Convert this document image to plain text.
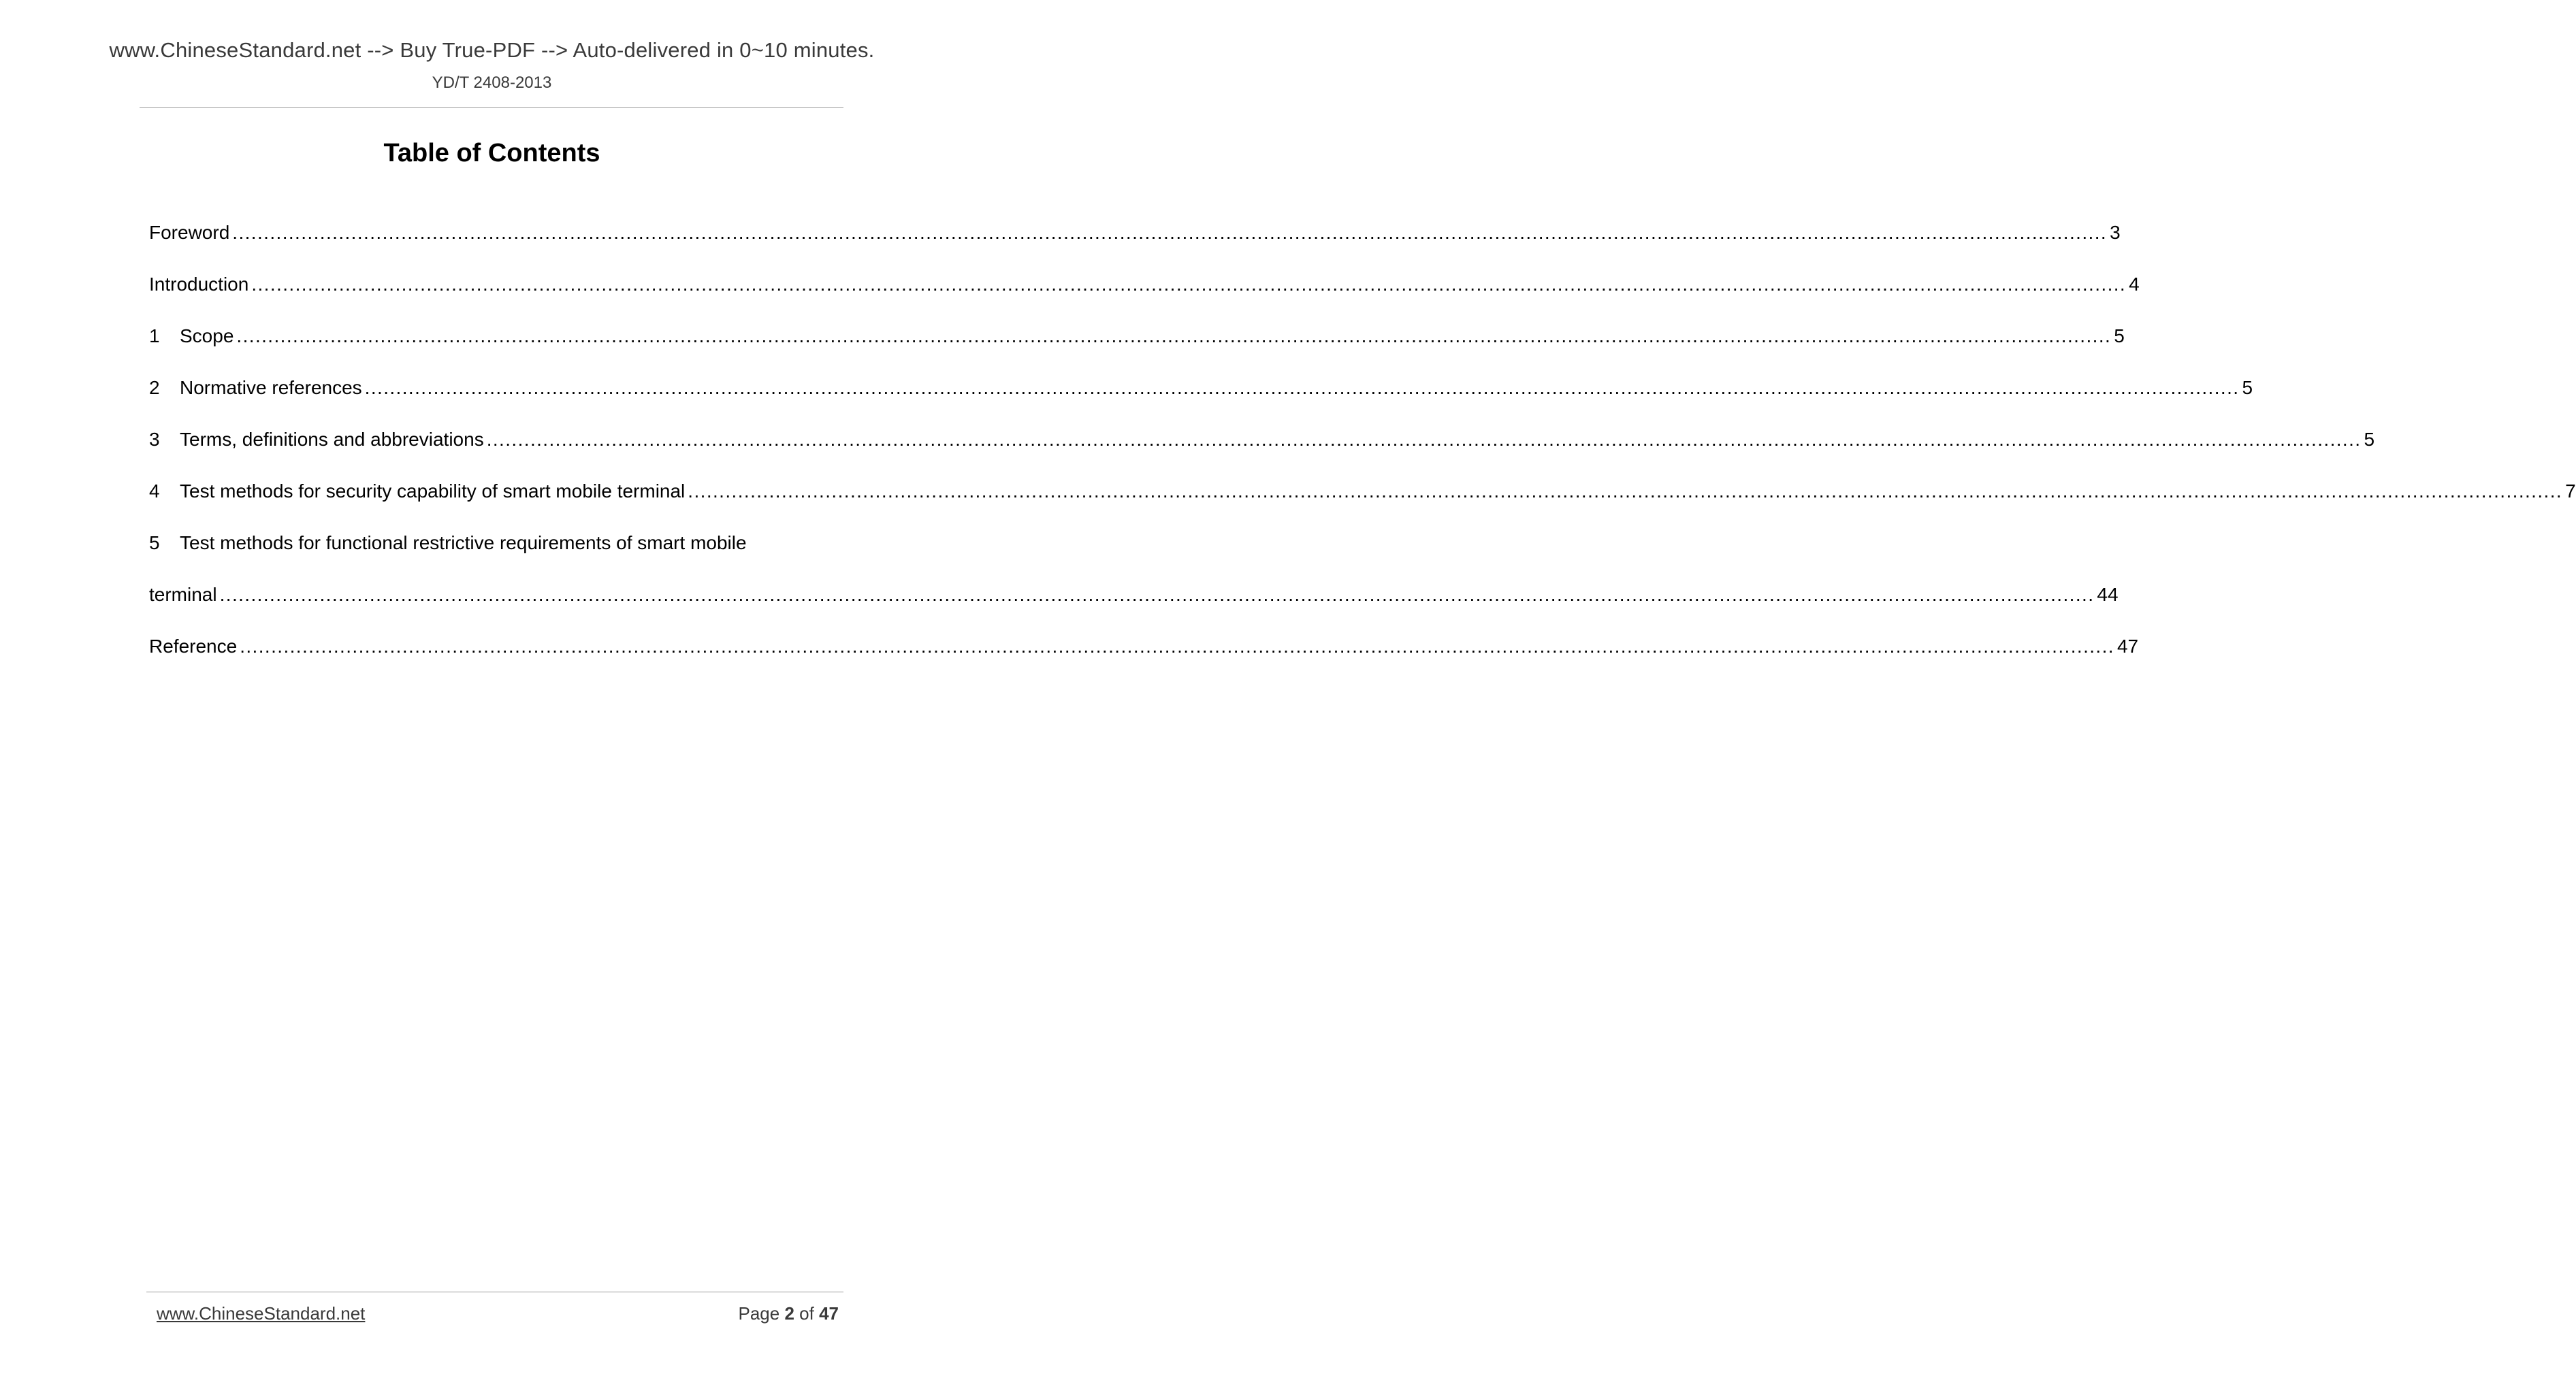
www.ChineseStandard.net --> Buy True-PDF --> Auto-delivered in 0~10 minutes.
YD/T 2408-2013
Table of Contents
Foreword ............................................................................................................................................................................................................................................................................................................ 3
Introduction ............................................................................................................................................................................................................................................................................................................ 4
1	Scope ............................................................................................................................................................................................................................................................................................................ 5
2	Normative references ............................................................................................................................................................................................................................................................................................................ 5
3	Terms, definitions and abbreviations ............................................................................................................................................................................................................................................................................................................ 5
4	Test methods for security capability of smart mobile terminal ............................................................................................................................................................................................................................................................................................................ 7
5	Test methods for functional restrictive requirements of smart mobile
terminal ............................................................................................................................................................................................................................................................................................................ 44
Reference ............................................................................................................................................................................................................................................................................................................ 47
www.ChineseStandard.net	Page 2 of 47
